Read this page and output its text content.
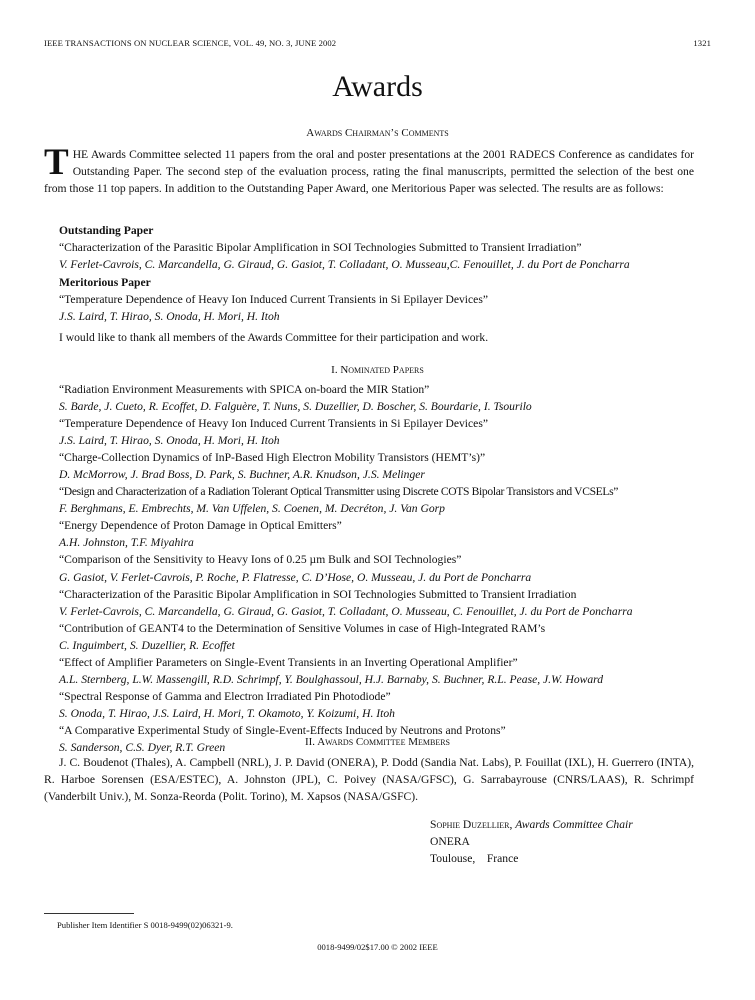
IEEE TRANSACTIONS ON NUCLEAR SCIENCE, VOL. 49, NO. 3, JUNE 2002	1321
Awards
Awards Chairman’s Comments
THE Awards Committee selected 11 papers from the oral and poster presentations at the 2001 RADECS Conference as candidates for Outstanding Paper. The second step of the evaluation process, rating the final manuscripts, permitted the selection of the best one from those 11 top papers. In addition to the Outstanding Paper Award, one Meritorious Paper was selected. The results are as follows:
Outstanding Paper
“Characterization of the Parasitic Bipolar Amplification in SOI Technologies Submitted to Transient Irradiation”
V. Ferlet-Cavrois, C. Marcandella, G. Giraud, G. Gasiot, T. Colladant, O. Musseau,C. Fenouillet, J. du Port de Poncharra
Meritorious Paper
“Temperature Dependence of Heavy Ion Induced Current Transients in Si Epilayer Devices”
J.S. Laird, T. Hirao, S. Onoda, H. Mori, H. Itoh
I would like to thank all members of the Awards Committee for their participation and work.
I. Nominated Papers
“Radiation Environment Measurements with SPICA on-board the MIR Station”
S. Barde, J. Cueto, R. Ecoffet, D. Falguère, T. Nuns, S. Duzellier, D. Boscher, S. Bourdarie, I. Tsourilo
“Temperature Dependence of Heavy Ion Induced Current Transients in Si Epilayer Devices”
J.S. Laird, T. Hirao, S. Onoda, H. Mori, H. Itoh
“Charge-Collection Dynamics of InP-Based High Electron Mobility Transistors (HEMT’s)”
D. McMorrow, J. Brad Boss, D. Park, S. Buchner, A.R. Knudson, J.S. Melinger
“Design and Characterization of a Radiation Tolerant Optical Transmitter using Discrete COTS Bipolar Transistors and VCSELs”
F. Berghmans, E. Embrechts, M. Van Uffelen, S. Coenen, M. Decréton, J. Van Gorp
“Energy Dependence of Proton Damage in Optical Emitters”
A.H. Johnston, T.F. Miyahira
“Comparison of the Sensitivity to Heavy Ions of 0.25 µm Bulk and SOI Technologies”
G. Gasiot, V. Ferlet-Cavrois, P. Roche, P. Flatresse, C. D’Hose, O. Musseau, J. du Port de Poncharra
“Characterization of the Parasitic Bipolar Amplification in SOI Technologies Submitted to Transient Irradiation
V. Ferlet-Cavrois, C. Marcandella, G. Giraud, G. Gasiot, T. Colladant, O. Musseau, C. Fenouillet, J. du Port de Poncharra
“Contribution of GEANT4 to the Determination of Sensitive Volumes in case of High-Integrated RAM’s
C. Inguimbert, S. Duzellier, R. Ecoffet
“Effect of Amplifier Parameters on Single-Event Transients in an Inverting Operational Amplifier”
A.L. Sternberg, L.W. Massengill, R.D. Schrimpf, Y. Boulghassoul, H.J. Barnaby, S. Buchner, R.L. Pease, J.W. Howard
“Spectral Response of Gamma and Electron Irradiated Pin Photodiode”
S. Onoda, T. Hirao, J.S. Laird, H. Mori, T. Okamoto, Y. Koizumi, H. Itoh
“A Comparative Experimental Study of Single-Event-Effects Induced by Neutrons and Protons”
S. Sanderson, C.S. Dyer, R.T. Green	II. Awards Committee Members
J. C. Boudenot (Thales), A. Campbell (NRL), J. P. David (ONERA), P. Dodd (Sandia Nat. Labs), P. Fouillat (IXL), H. Guerrero (INTA), R. Harboe Sorensen (ESA/ESTEC), A. Johnston (JPL), C. Poivey (NASA/GFSC), G. Sarrabayrouse (CNRS/LAAS), R. Schrimpf (Vanderbilt Univ.), M. Sonza-Reorda (Polit. Torino), M. Xapsos (NASA/GSFC).
Sophie Duzellier, Awards Committee Chair
ONERA
Toulouse,    France
Publisher Item Identifier S 0018-9499(02)06321-9.
0018-9499/02$17.00 © 2002 IEEE
